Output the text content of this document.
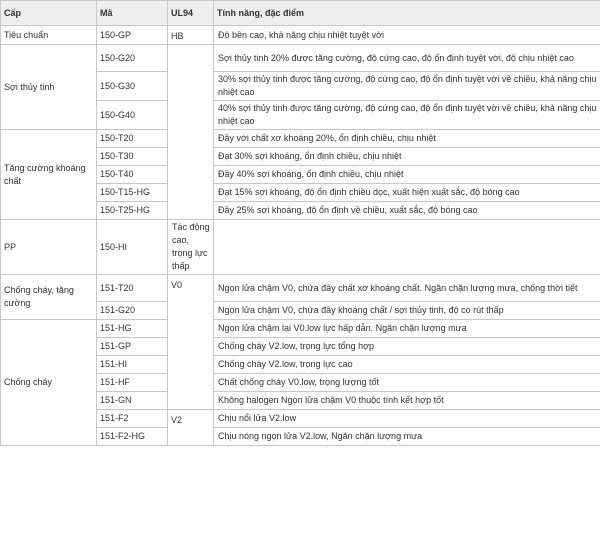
Cấp	Mã	UL94	Tính năng, đặc điểm
Tiêu chuẩn	150-GP	HB	Độ bền cao, khả năng chịu nhiệt tuyệt vời
Sợi thủy tinh	150-G20		Sợi thủy tinh 20% được tăng cường, độ cứng cao, độ ổn định tuyệt vời, độ chịu nhiệt cao
	150-G30		30% sợi thủy tinh được tăng cường, độ cứng cao, độ ổn định tuyệt vời về chiều, khả năng chịu nhiệt cao
	150-G40		40% sợi thủy tinh được tăng cường, độ cứng cao, độ ổn định tuyệt vời về chiều, khả năng chịu nhiệt cao
Tăng cường khoáng chất	150-T20		Đầy với chất xơ khoáng 20%, ổn định chiều, chịu nhiệt
	150-T30		Đạt 30% sợi khoáng, ổn định chiều, chịu nhiệt
	150-T40		Đầy 40% sợi khoáng, ổn định chiều, chịu nhiệt
	150-T15-HG		Đạt 15% sợi khoáng, độ ổn định chiều dọc, xuất hiện xuất sắc, độ bóng cao
	150-T25-HG		Đầy 25% sợi khoáng, độ ổn định về chiều, xuất sắc, độ bóng cao
PP	150-HI	Tác động cao, trọng lực thấp	
Chống cháy, tăng cường	151-T20	V0	Ngọn lửa chậm V0, chứa đầy chất xơ khoáng chất. Ngăn chặn lượng mưa, chống thời tiết
	151-G20		Ngọn lửa chậm V0, chứa đầy khoáng chất / sợi thủy tinh, độ co rút thấp
Chống cháy	151-HG		Ngọn lửa chậm lại V0.low lực hấp dẫn. Ngăn chặn lượng mưa
	151-GP		Chống cháy V2.low, trọng lực tổng hợp
	151-HI		Chống cháy V2.low, trọng lực cao
	151-HF		Chất chống cháy V0.low, trọng lượng tốt
	151-GN		Không halogen Ngọn lửa chậm V0 thuộc tính kết hợp tốt
	151-F2	V2	Chịu nổi lửa V2.low
	151-F2-HG		Chịu nóng ngọn lửa V2.low, Ngăn chặn lượng mưa
